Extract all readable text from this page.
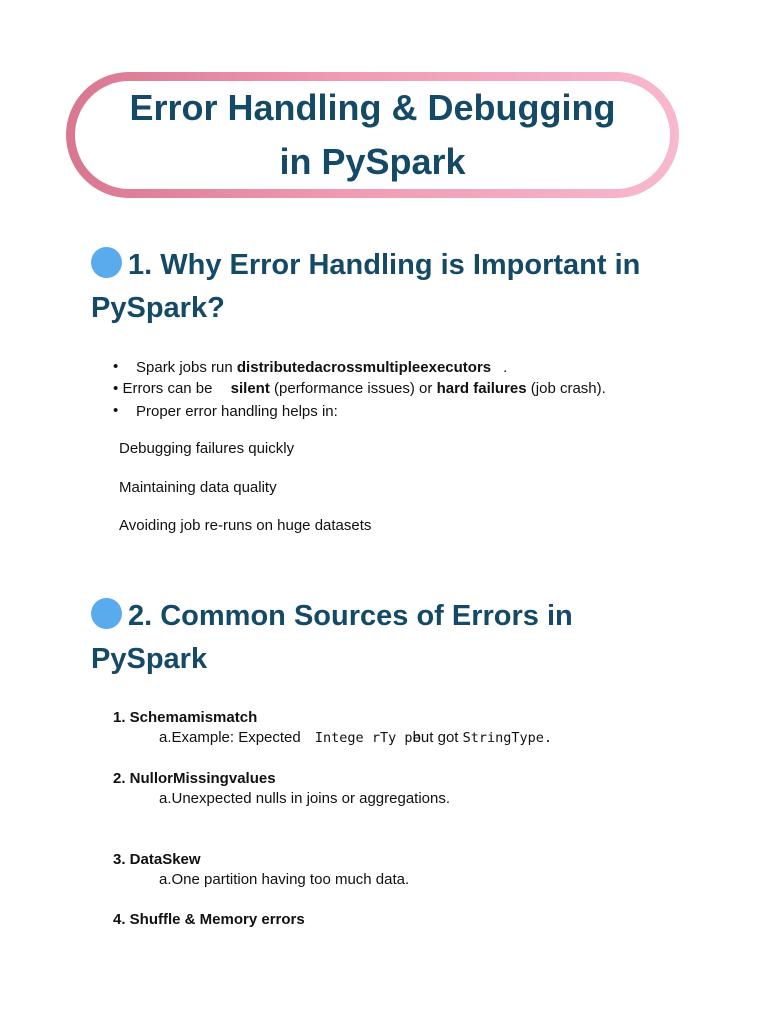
Error Handling & Debugging
in PySpark
1. Why Error Handling is Important in
PySpark?
• Spark jobs run distributedacrossmultipleexecutors .
• Errors can be silent (performance issues) or hard failures (job crash).
• Proper error handling helps in:
Debugging failures quickly
Maintaining data quality
Avoiding job re-runs on huge datasets
2. Common Sources of Errors in
PySpark
1. Schemamismatch
a.Example: Expected Intege rTy pebut got StringType.
2. NullorMissingvalues
a.Unexpected nulls in joins or aggregations.
3. DataSkew
a.One partition having too much data.
4. Shuffle & Memory errors
